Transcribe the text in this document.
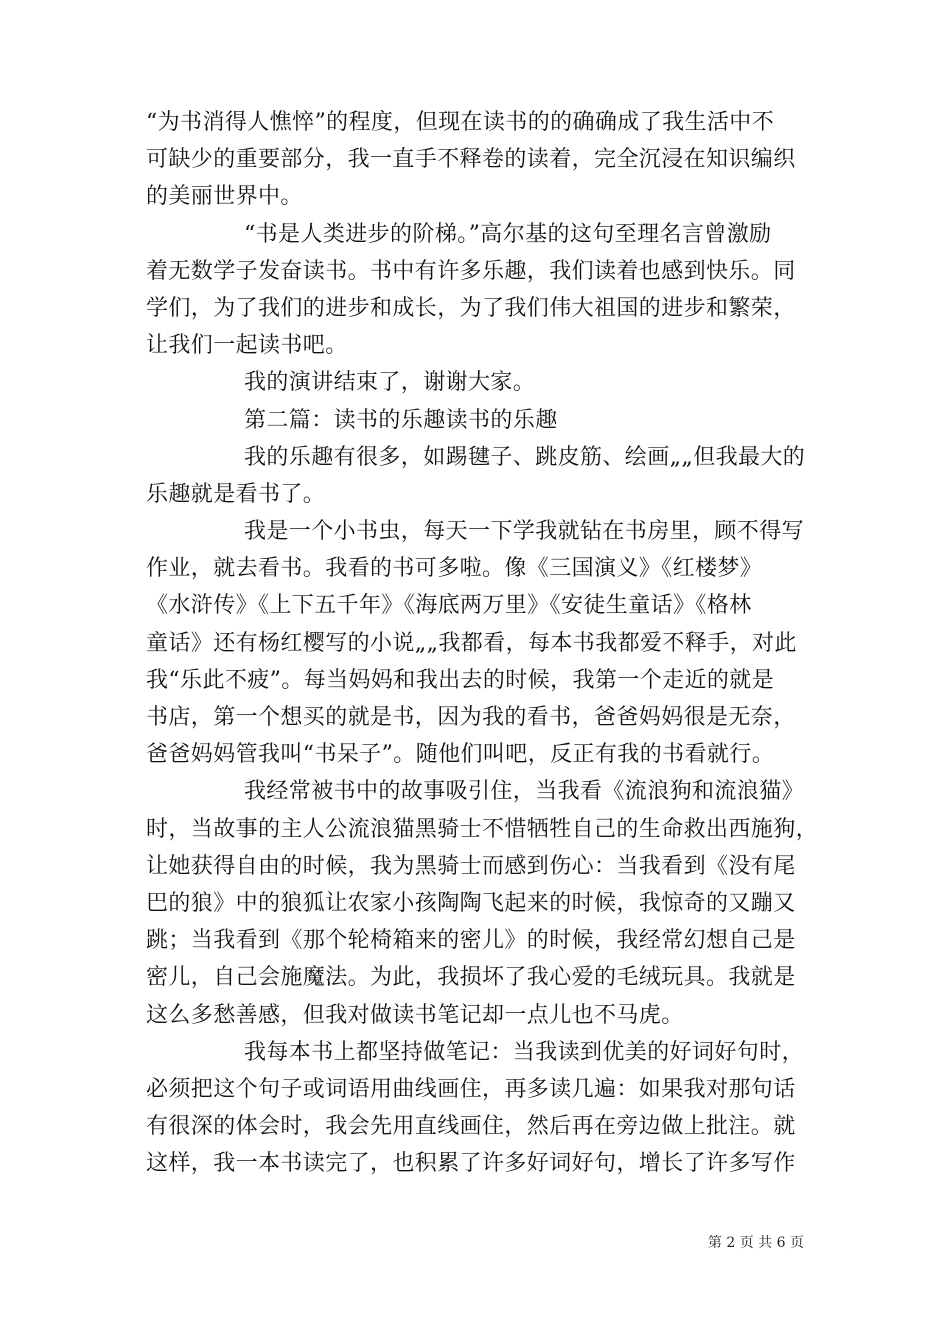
“为书消得人憔悴”的程度，但现在读书的的确确成了我生活中不
可缺少的重要部分，我一直手不释卷的读着，完全沉浸在知识编织
的美丽世界中。
“书是人类进步的阶梯。”高尔基的这句至理名言曾激励
着无数学子发奋读书。书中有许多乐趣，我们读着也感到快乐。同
学们，为了我们的进步和成长，为了我们伟大祖国的进步和繁荣，
让我们一起读书吧。
我的演讲结束了，谢谢大家。
第二篇：读书的乐趣读书的乐趣
我的乐趣有很多，如踢毽子、跳皮筋、绘画„„但我最大的
乐趣就是看书了。
我是一个小书虫，每天一下学我就钻在书房里，顾不得写
作业，就去看书。我看的书可多啦。像《三国演义》《红楼梦》
《水浒传》《上下五千年》《海底两万里》《安徒生童话》《格林
童话》还有杨红樱写的小说„„我都看，每本书我都爱不释手，对此
我“乐此不疲”。每当妈妈和我出去的时候，我第一个走近的就是
书店，第一个想买的就是书，因为我的看书，爸爸妈妈很是无奈，
爸爸妈妈管我叫“书呆子”。随他们叫吧，反正有我的书看就行。
我经常被书中的故事吸引住，当我看《流浪狗和流浪猫》
时，当故事的主人公流浪猫黑骑士不惜牺牲自己的生命救出西施狗，
让她获得自由的时候，我为黑骑士而感到伤心：当我看到《没有尾
巴的狼》中的狼狐让农家小孩陶陶飞起来的时候，我惊奇的又蹦又
跳；当我看到《那个轮椅箱来的密儿》的时候，我经常幻想自己是
密儿，自己会施魔法。为此，我损坏了我心爱的毛绒玩具。我就是
这么多愁善感，但我对做读书笔记却一点儿也不马虎。
我每本书上都坚持做笔记：当我读到优美的好词好句时，
必须把这个句子或词语用曲线画住，再多读几遍：如果我对那句话
有很深的体会时，我会先用直线画住，然后再在旁边做上批注。就
这样，我一本书读完了，也积累了许多好词好句，增长了许多写作
第 2 页 共 6 页
